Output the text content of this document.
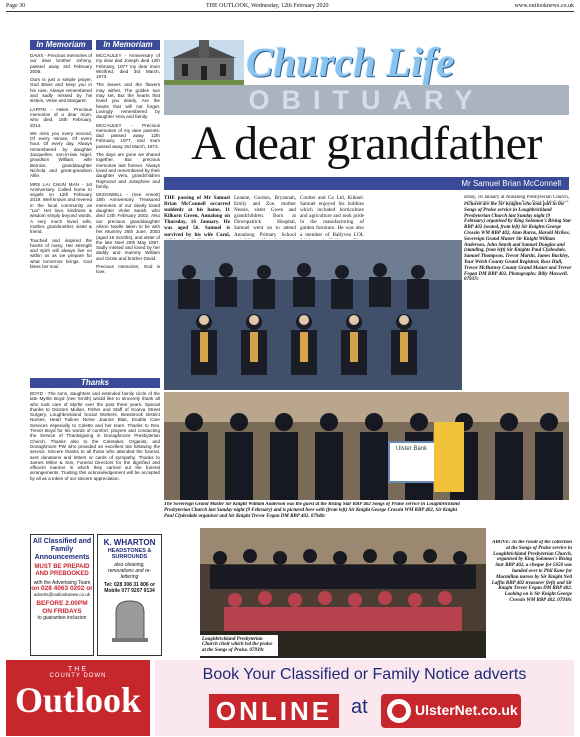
Page 30	THE OUTLOOK, Wednesday, 12th February 2020	www.outlooknews.co.uk
In Memoriam	In Memoriam

DAVIS - Precious memories of our dear brother Johnny, passed away 3rd February 2006.

Ours is just a simple prayer, God Bless and keep you in his care, Always remembered and sadly missed by his sisters, Vesie and Margaret.

LAFFIN - Helen. Precious memories of a dear mum, who died, 16th February, 2014.

We miss you every second, Of every minute, Of every hour, Of every day. Always remembered by daughter Jacqueline, son-in-law Nigel, grandson William, wife Bernice, granddaughter Nichola and great-grandson Alfie.

MRS LAI CHUN MAN - 1st Anniversary. Called home to angels on 12th February 2019. Well known and revered in the local community as "Lai". Her love, kindness & wisdom simply beyond words. A very much loved wife, mother, grandmother, sister & friend.

Touched and inspired the hearts of many. Her strength and spirit will always live on within us as we prepare for what tomorrow brings. God bless her soul.

MCCAULEY - Anniversary of my dear dad Joseph died 12th February, 1977 my dear mum Winifred, died 3rd March, 1973.

The leaves and the flowers may wither, The golden sun may set, But the hearts that loved you dearly, Are the hearts that will not forget. Lovingly remembered by daughter Vera and family.

MCCAULEY - Precious memories of my dear parents: dad passed away 12th February, 1977, and mum passed away 3rd March, 1973.

The days are gone we shared together, But precious memories last forever. Always loved and remembered by their daughter Vera, grandchildren Raymond and Josephine and family.

MCDOWELL - (nee Annett) 18th Anniversary. Treasured memories of our dearly loved daughter Violet Sarah, who died 14th February 2002. Also our precious granddaughter Alison Noelle taken to be with her Mummy 26th June, 2003 (aged 16 months), and sister of the late Noel 20th May 1997. Sadly missed and loved by her daddy and mammy William and Cissie and brother David.

Precious memories, God is love.

Thanks
BOYD - The sons, daughters and extended family circle of the late Myrtle Boyd (nee Smith) would like to sincerely thank all who took care of Myrtle over the past three years. Special thanks to Doctors Mullan, Fisher and Staff of Scarva Street Surgery, Loughbrickland Social Workers, Beesbrook District Nurses, Heart Failure Nurse Joanne Blair, Enable Care Services especially to Colette and her team. Thanks to Rev. Trevor Boyd for his words of comfort, prayers and conducting the Service of Thanksgiving in Donaghmore Presbyterian Church. Thanks also to the Caretaker, Organist, and Donaghmore PW who provided an excellent tea following the service. Sincere thanks to all those who attended the funeral, sent donations and letters or cards of sympathy. Thanks to James Milne & Son, Funeral Directors for the dignified and efficient manner in which they carried out the funeral arrangements. Trusting this acknowledgement will be accepted by all as a token of our sincere appreciation.
All Classified and Family Announcements
MUST BE PREPAID AND PREBOOKED
with the Advertising Team
on 028 4063 0202 or
adverts@outlooknews.co.uk
BEFORE 2.00PM ON FRIDAYS
to guarantee inclusion
K. WHARTON
HEADSTONES & SURROUNDS
also cleaning, renovations and re-lettering
Tel: 028 308 31 806 or Mobile 077 9207 9134
Church Life
OBITUARY
A dear grandfather
Mr Samuel Brian McConnell
THE passing of Mr Samuel Brian McConnell occurred suddenly at his home, 11 Kilkorn Green, Annalong on Thursday, 16 January. He was aged 56. Samuel is survived by his wife Carol,
Leanne, Gordon, Bryannah, Emily and Zoe, mother Nessie, sister Gwen and grandchildren. Born at Downpatrick Hospital, Samuel went on to attend Annalong Primary School
Coulter and Co Ltd, Kilkeel. Samuel enjoyed his hobbies which included horticulture and agriculture and took pride in the manufacturing of garden furniture. He was also a member of Ballyvea LOL
urday, 18 January at Annalong Presbyterian Church,
Pictured are the Sir Knights who took part in the Songs of Praise service in Loughbrickland Presbyterian Church last Sunday night (9 February) organised by King Solomon's Rising Star RBP 402 (seated, from left) Sir Knights George Crossin WM RBP 402, Alan Burns, Harold McKee, Sovereign Grand Master Sir Knight William Anderson, John Smyth and Samuel Douglas and (standing, from left) Sir Knights Paul Clydesdale, Samuel Thompson, Trevor Martin, James Buckley, Your Welsh County Grand Registrar, Ross Hull, Trevor McBurney County Grand Master and Trevor Fegan DM RBP 402. Photographs: Billy Maxwell. 07937c
Ulster Bank
The Sovereign Grand Master Sir Knight William Anderson was the guest at the Rising Star RBP 402 Songs of Praise service in Loughbrickland Presbyterian Church last Sunday night (9 February) and is pictured here with (from left) Sir Knight George Crossin WM RBP 402, Sir Knight Paul Clydesdale organiser and Sir Knight Trevor Fegan DM RBP 402. 07940c
Loughbrickland Presbyterian Church choir which led the praise at the Songs of Praise. 07939c
ABOVE: As the result of the collection at the Songs of Praise service in Loughbrickland Presbyterian Church, organised by King Solomon's Rising Star RBP 402, a cheque for £650 was handed over to Phil Kane for Macmillan nurses by Sir Knight Neil Laffin RBP 402 treasurer (left) and Sir Knight Trevor Fegan DM RBP 402. Looking on is Sir Knight George Crossin WM RBP 402. 07938c
THE
COUNTY DOWN
Outlook
Book Your Classified or Family Notice adverts
ONLINE at	UlsterNet.co.uk
